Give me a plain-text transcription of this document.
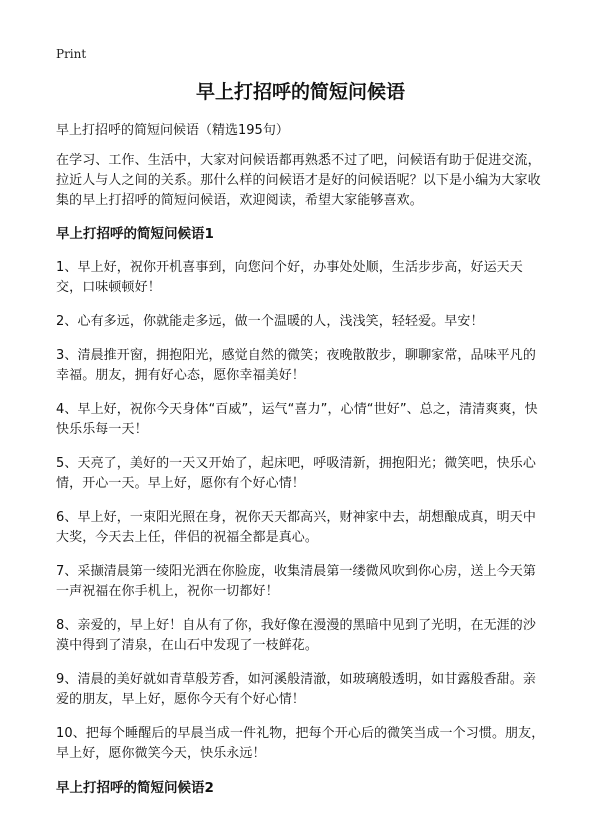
Print
早上打招呼的简短问候语

早上打招呼的简短问候语（精选195句）

在学习、工作、生活中，大家对问候语都再熟悉不过了吧，问候语有助于促进交流，拉近人与人之间的关系。那什么样的问候语才是好的问候语呢？以下是小编为大家收集的早上打招呼的简短问候语，欢迎阅读，希望大家能够喜欢。

早上打招呼的简短问候语1

1、早上好，祝你开机喜事到，向您问个好，办事处处顺，生活步步高，好运天天交，口味顿顿好！

2、心有多远，你就能走多远，做一个温暖的人，浅浅笑，轻轻爱。早安！

3、清晨推开窗，拥抱阳光，感觉自然的微笑；夜晚散散步，聊聊家常，品味平凡的幸福。朋友，拥有好心态，愿你幸福美好！

4、早上好，祝你今天身体“百威”，运气“喜力”，心情“世好”、总之，清清爽爽，快快乐乐每一天！

5、天亮了，美好的一天又开始了，起床吧，呼吸清新，拥抱阳光；微笑吧，快乐心情，开心一天。早上好，愿你有个好心情！

6、早上好，一束阳光照在身，祝你天天都高兴，财神家中去，胡想酿成真，明天中大奖，今天去上任，伴侣的祝福全都是真心。

7、采撷清晨第一绫阳光洒在你脸庞，收集清晨第一缕微风吹到你心房，送上今天第一声祝福在你手机上，祝你一切都好！

8、亲爱的，早上好！自从有了你，我好像在漫漫的黑暗中见到了光明，在无涯的沙漠中得到了清泉，在山石中发现了一枝鲜花。

9、清晨的美好就如青草般芳香，如河溪般清澈，如玻璃般透明，如甘露般香甜。亲爱的朋友，早上好，愿你今天有个好心情！

10、把每个睡醒后的早晨当成一件礼物，把每个开心后的微笑当成一个习惯。朋友，早上好，愿你微笑今天，快乐永远！

早上打招呼的简短问候语2
